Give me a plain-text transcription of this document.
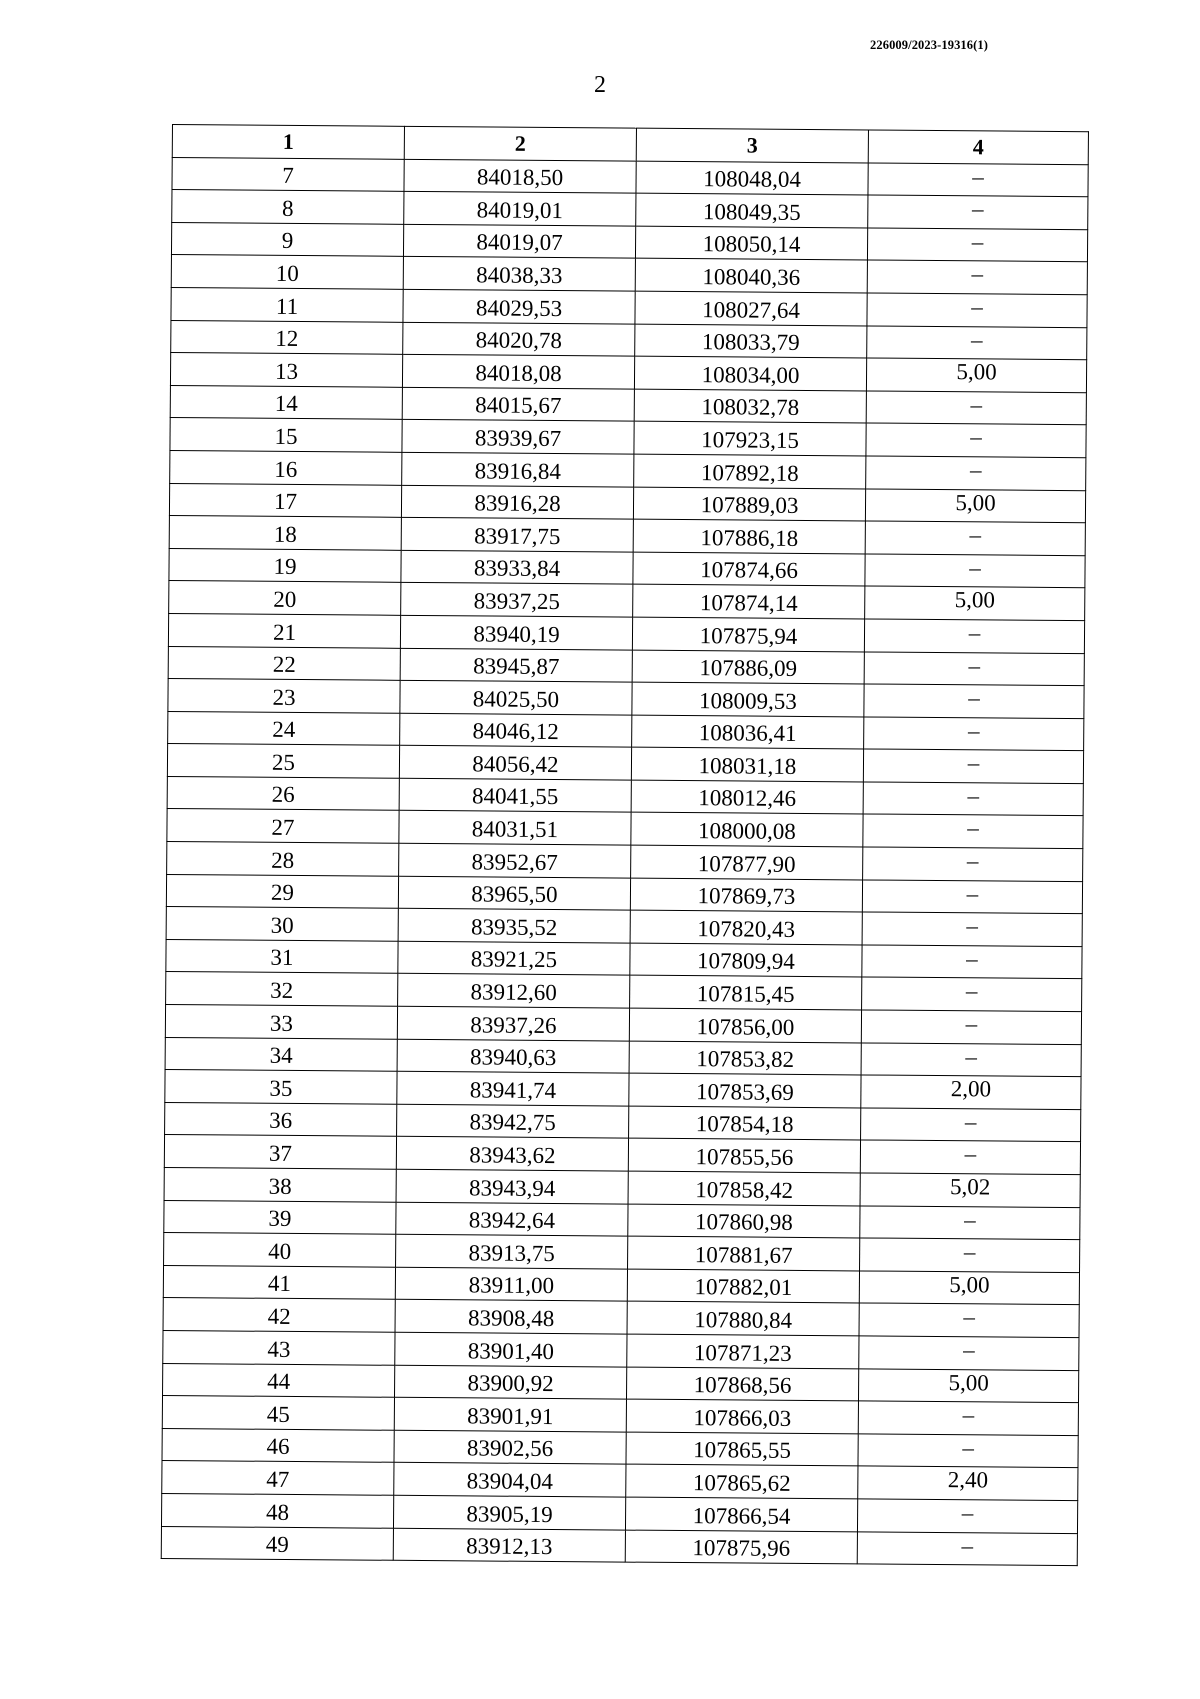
226009/2023-19316(1)
2
1	2	3	4
7	84018,50	108048,04	–
8	84019,01	108049,35	–
9	84019,07	108050,14	–
10	84038,33	108040,36	–
11	84029,53	108027,64	–
12	84020,78	108033,79	–
13	84018,08	108034,00	5,00
14	84015,67	108032,78	–
15	83939,67	107923,15	–
16	83916,84	107892,18	–
17	83916,28	107889,03	5,00
18	83917,75	107886,18	–
19	83933,84	107874,66	–
20	83937,25	107874,14	5,00
21	83940,19	107875,94	–
22	83945,87	107886,09	–
23	84025,50	108009,53	–
24	84046,12	108036,41	–
25	84056,42	108031,18	–
26	84041,55	108012,46	–
27	84031,51	108000,08	–
28	83952,67	107877,90	–
29	83965,50	107869,73	–
30	83935,52	107820,43	–
31	83921,25	107809,94	–
32	83912,60	107815,45	–
33	83937,26	107856,00	–
34	83940,63	107853,82	–
35	83941,74	107853,69	2,00
36	83942,75	107854,18	–
37	83943,62	107855,56	–
38	83943,94	107858,42	5,02
39	83942,64	107860,98	–
40	83913,75	107881,67	–
41	83911,00	107882,01	5,00
42	83908,48	107880,84	–
43	83901,40	107871,23	–
44	83900,92	107868,56	5,00
45	83901,91	107866,03	–
46	83902,56	107865,55	–
47	83904,04	107865,62	2,40
48	83905,19	107866,54	–
49	83912,13	107875,96	–
